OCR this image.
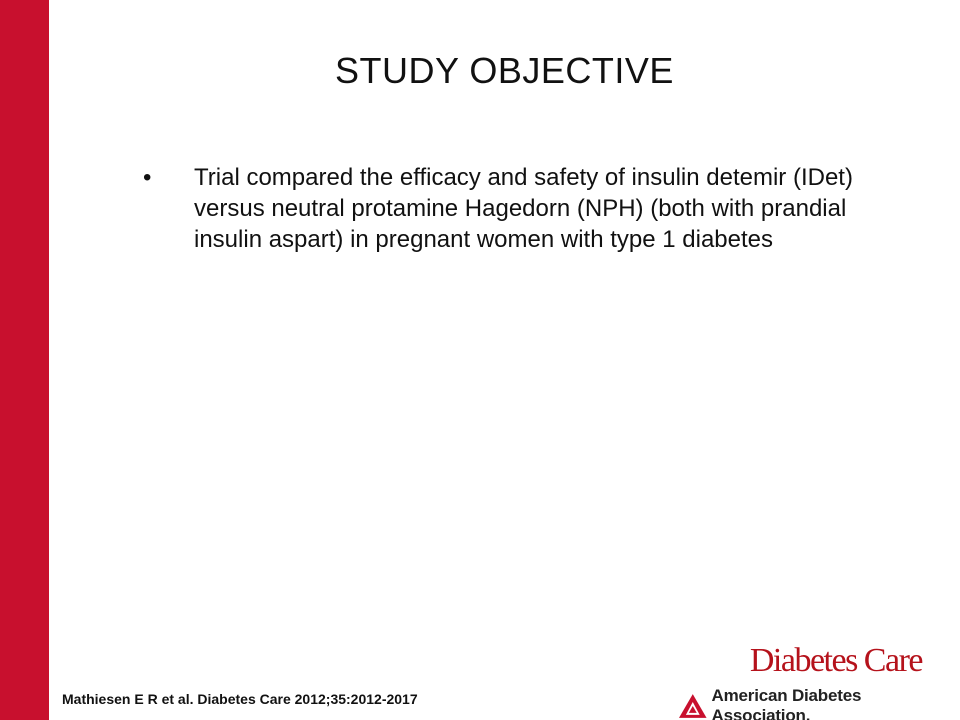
STUDY OBJECTIVE
•	Trial compared the efficacy and safety of insulin detemir (IDet) versus neutral protamine Hagedorn (NPH) (both with prandial insulin aspart) in pregnant women with type 1 diabetes
Mathiesen E R et al. Diabetes Care 2012;35:2012-2017
Diabetes Care
American Diabetes Association.
